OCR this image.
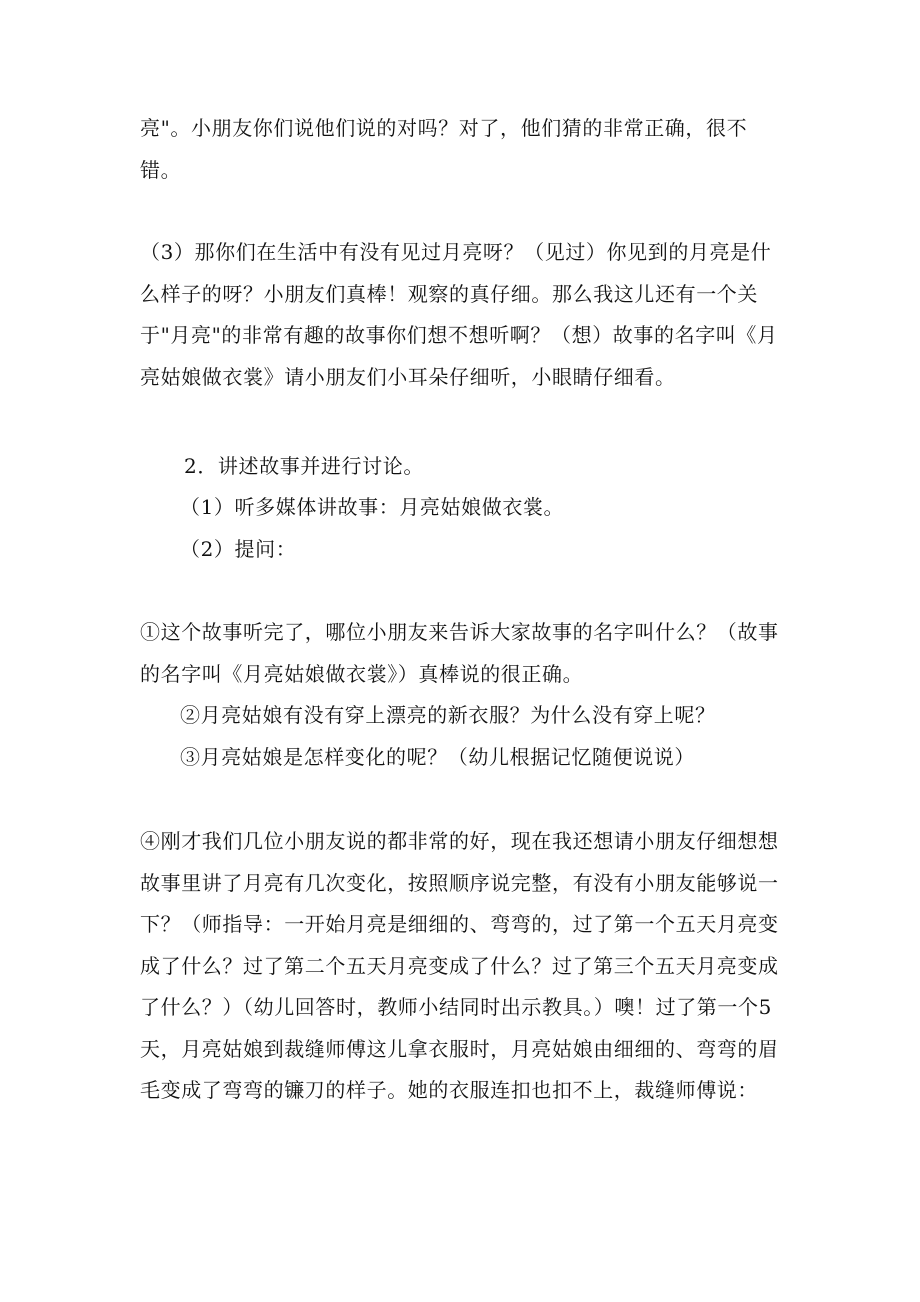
亮"。小朋友你们说他们说的对吗？对了，他们猜的非常正确，很不错。

（3）那你们在生活中有没有见过月亮呀？（见过）你见到的月亮是什么样子的呀？小朋友们真棒！观察的真仔细。那么我这儿还有一个关于"月亮"的非常有趣的故事你们想不想听啊？（想）故事的名字叫《月亮姑娘做衣裳》请小朋友们小耳朵仔细听，小眼睛仔细看。

2．讲述故事并进行讨论。

（1）听多媒体讲故事：月亮姑娘做衣裳。

（2）提问：

①这个故事听完了，哪位小朋友来告诉大家故事的名字叫什么？（故事的名字叫《月亮姑娘做衣裳》）真棒说的很正确。

②月亮姑娘有没有穿上漂亮的新衣服？为什么没有穿上呢？

③月亮姑娘是怎样变化的呢？（幼儿根据记忆随便说说）

④刚才我们几位小朋友说的都非常的好，现在我还想请小朋友仔细想想故事里讲了月亮有几次变化，按照顺序说完整，有没有小朋友能够说一下？（师指导：一开始月亮是细细的、弯弯的，过了第一个五天月亮变成了什么？过了第二个五天月亮变成了什么？过了第三个五天月亮变成了什么？）（幼儿回答时，教师小结同时出示教具。）噢！过了第一个5天，月亮姑娘到裁缝师傅这儿拿衣服时，月亮姑娘由细细的、弯弯的眉毛变成了弯弯的镰刀的样子。她的衣服连扣也扣不上，裁缝师傅说：
